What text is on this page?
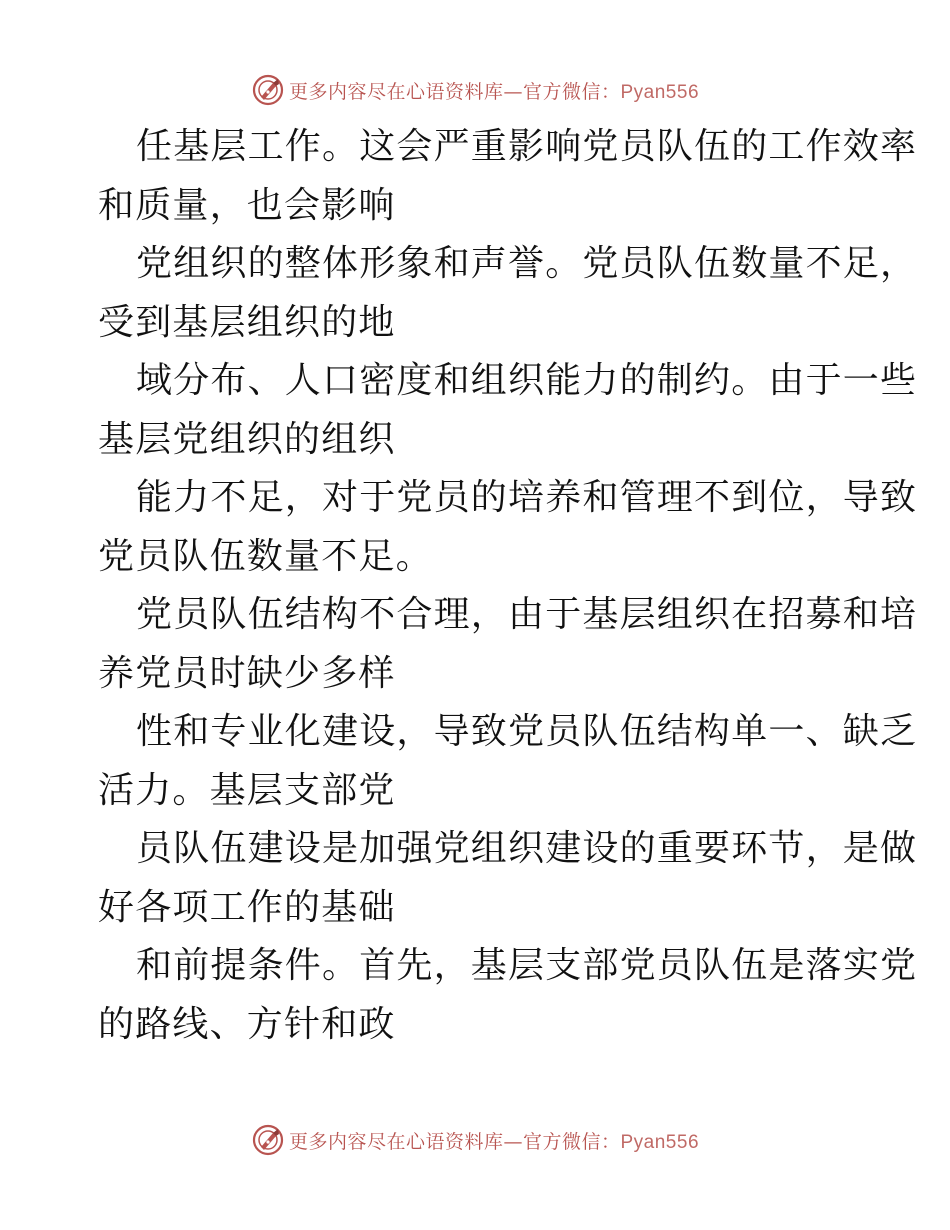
更多内容尽在心语资料库—官方微信：Pyan556
任基层工作。这会严重影响党员队伍的工作效率
和质量，也会影响
党组织的整体形象和声誉。党员队伍数量不足，
受到基层组织的地
域分布、人口密度和组织能力的制约。由于一些
基层党组织的组织
能力不足，对于党员的培养和管理不到位，导致
党员队伍数量不足。
党员队伍结构不合理，由于基层组织在招募和培
养党员时缺少多样
性和专业化建设，导致党员队伍结构单一、缺乏
活力。基层支部党
员队伍建设是加强党组织建设的重要环节，是做
好各项工作的基础
和前提条件。首先，基层支部党员队伍是落实党
的路线、方针和政
更多内容尽在心语资料库—官方微信：Pyan556
